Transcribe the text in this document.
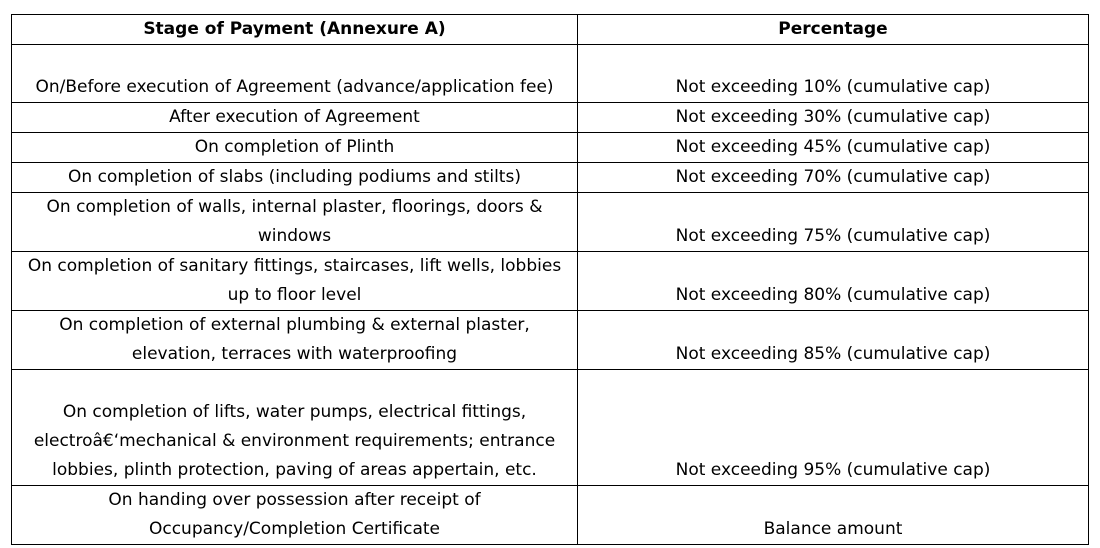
Stage of Payment (Annexure A)	Percentage
On/Before execution of Agreement (advance/application fee)	Not exceeding 10% (cumulative cap)
After execution of Agreement	Not exceeding 30% (cumulative cap)
On completion of Plinth	Not exceeding 45% (cumulative cap)
On completion of slabs (including podiums and stilts)	Not exceeding 70% (cumulative cap)
On completion of walls, internal plaster, floorings, doors &
windows	Not exceeding 75% (cumulative cap)
On completion of sanitary fittings, staircases, lift wells, lobbies
up to floor level	Not exceeding 80% (cumulative cap)
On completion of external plumbing & external plaster,
elevation, terraces with waterproofing	Not exceeding 85% (cumulative cap)
On completion of lifts, water pumps, electrical fittings,
electroâ€‘mechanical & environment requirements; entrance
lobbies, plinth protection, paving of areas appertain, etc.	Not exceeding 95% (cumulative cap)
On handing over possession after receipt of
Occupancy/Completion Certificate	Balance amount
